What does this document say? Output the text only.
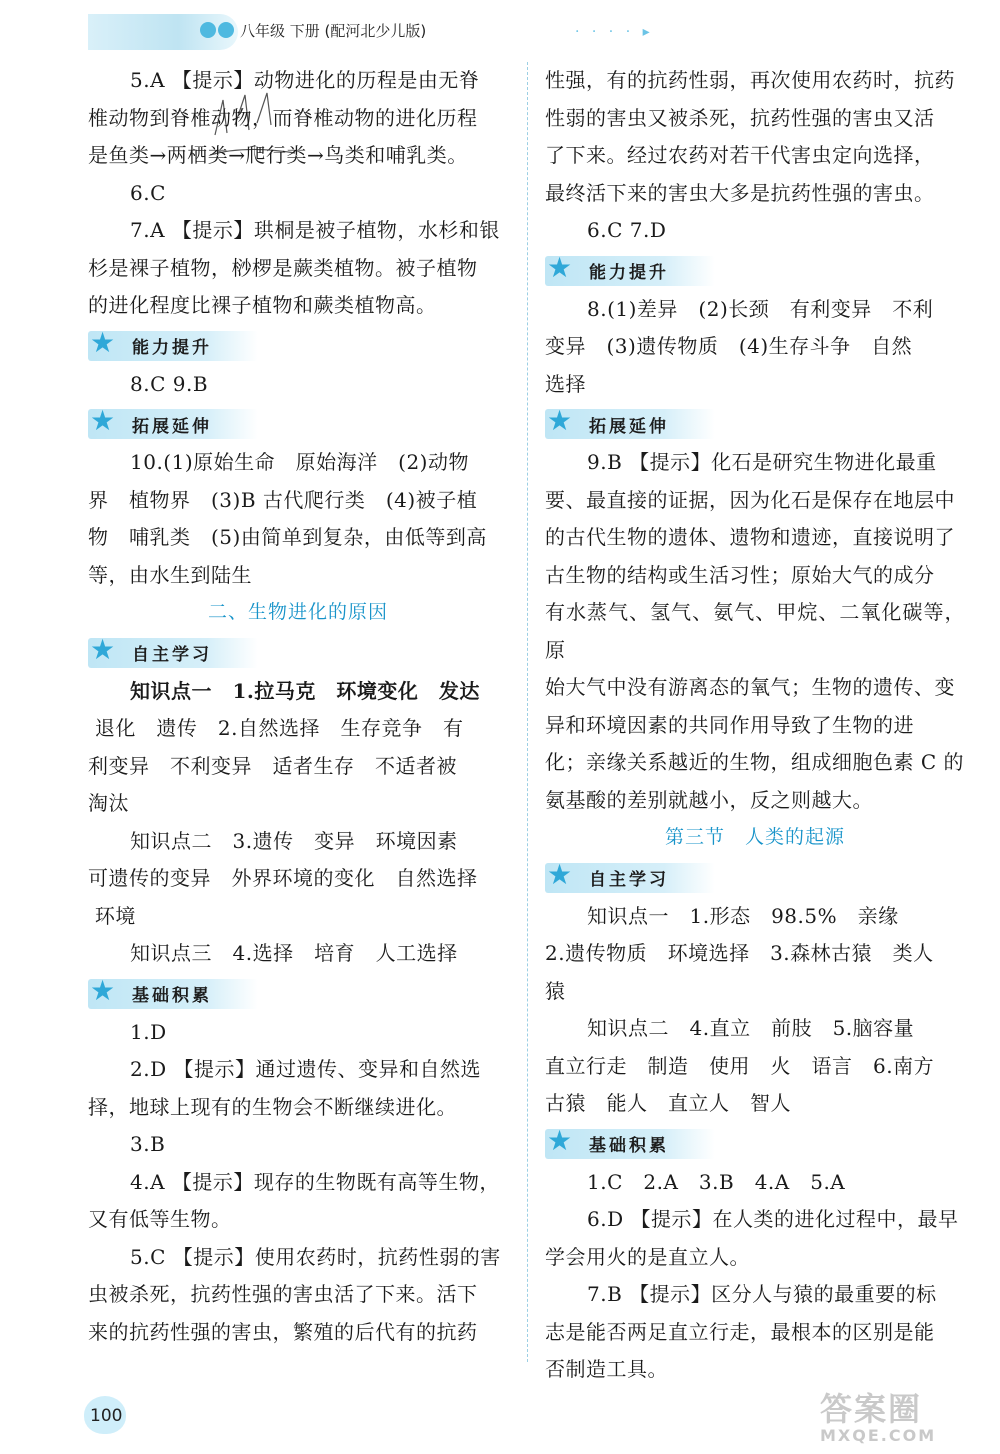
八年级 下册 (配河北少儿版)	· · · · ▸

5.A 【提示】动物进化的历程是由无脊
椎动物到脊椎动物，而脊椎动物的进化历程
是鱼类→两栖类→爬行类→鸟类和哺乳类。

6.C

7.A 【提示】珙桐是被子植物，水杉和银
杉是裸子植物，桫椤是蕨类植物。被子植物
的进化程度比裸子植物和蕨类植物高。

★ 能力提升

8.C 9.B

★ 拓展延伸

10.(1)原始生命　原始海洋　(2)动物
界　植物界　(3)B 古代爬行类　(4)被子植
物　哺乳类　(5)由简单到复杂，由低等到高
等，由水生到陆生

二、生物进化的原因

★ 自主学习

知识点一　1.拉马克　环境变化　发达
退化　遗传　2.自然选择　生存竞争　有
利变异　不利变异　适者生存　不适者被
淘汰

知识点二　3.遗传　变异　环境因素
可遗传的变异　外界环境的变化　自然选择
环境

知识点三　4.选择　培育　人工选择

★ 基础积累

1.D

2.D 【提示】通过遗传、变异和自然选
择，地球上现有的生物会不断继续进化。

3.B

4.A 【提示】现存的生物既有高等生物，
又有低等生物。

5.C 【提示】使用农药时，抗药性弱的害
虫被杀死，抗药性强的害虫活了下来。活下
来的抗药性强的害虫，繁殖的后代有的抗药

性强，有的抗药性弱，再次使用农药时，抗药
性弱的害虫又被杀死，抗药性强的害虫又活
了下来。经过农药对若干代害虫定向选择，
最终活下来的害虫大多是抗药性强的害虫。

6.C 7.D

★ 能力提升

8.(1)差异　(2)长颈　有利变异　不利
变异　(3)遗传物质　(4)生存斗争　自然
选择

★ 拓展延伸

9.B 【提示】化石是研究生物进化最重
要、最直接的证据，因为化石是保存在地层中
的古代生物的遗体、遗物和遗迹，直接说明了
古生物的结构或生活习性；原始大气的成分
有水蒸气、氢气、氨气、甲烷、二氧化碳等，原
始大气中没有游离态的氧气；生物的遗传、变
异和环境因素的共同作用导致了生物的进
化；亲缘关系越近的生物，组成细胞色素 C 的
氨基酸的差别就越小，反之则越大。

第三节　人类的起源

★ 自主学习

知识点一　1.形态　98.5%　亲缘
2.遗传物质　环境选择　3.森林古猿　类人
猿

知识点二　4.直立　前肢　5.脑容量
直立行走　制造　使用　火　语言　6.南方
古猿　能人　直立人　智人

★ 基础积累

1.C　2.A　3.B　4.A　5.A

6.D 【提示】在人类的进化过程中，最早
学会用火的是直立人。

7.B 【提示】区分人与猿的最重要的标
志是能否两足直立行走，最根本的区别是能
否制造工具。

100	答案圈
MXQE.COM
